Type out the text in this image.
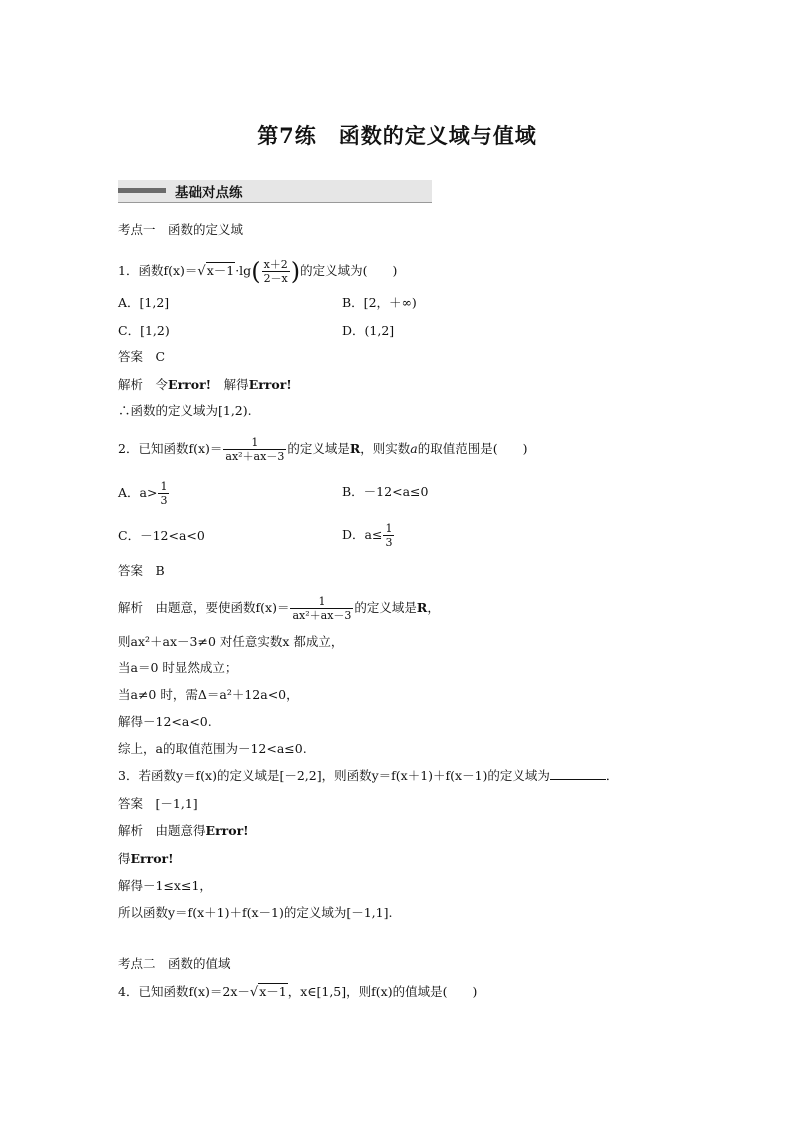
第7练　函数的定义域与值域
基础对点练
考点一　 函数的定义域
1．函数$f(x)=√x-1\cdot\lg( \frac{x+2}{2-x}$ )的定义域为(　　)
A．[1,2]	B．[2，＋∞)
C．[1,2)	D．(1,2]
答案　 C
解析　 令Error!　 解得Error!
∴函数的定义域为[1,2).
2．已知函数$f(x)= \frac{1}{\text{ax²＋ax－3}}$ 的定义域是R，则实数a的取值范围是(　　)
A．$a> \frac{1}{3}$	B．－12<a≤0
C．－12<a<0	D．$a\le \frac{1}{3}$
答案　 B
解析　 由题意，要使函数$f(x)= \frac{1}{\text{ax²＋ax－3}}$ 的定义域是R，
则ax²＋ax－3≠0 对任意实数x 都成立，
当a＝0 时显然成立；
当a≠0 时，需Δ＝a²＋12a<0，
解得－12<a<0.
综上，a的取值范围为－12<a≤0.
3．若函数y＝f(x)的定义域是[－2,2]，则函数y＝f(x＋1)＋f(x－1)的定义域为	．
答案　 [－1,1]
解析　 由题意得Error!
得Error!
解得－1≤x≤1，
所以函数y＝f(x＋1)＋f(x－1)的定义域为[－1,1].
考点二　 函数的值域
4．已知函数f(x)＝2x－√x－1，x∈[1,5]，则f(x)的值域是(　　)
